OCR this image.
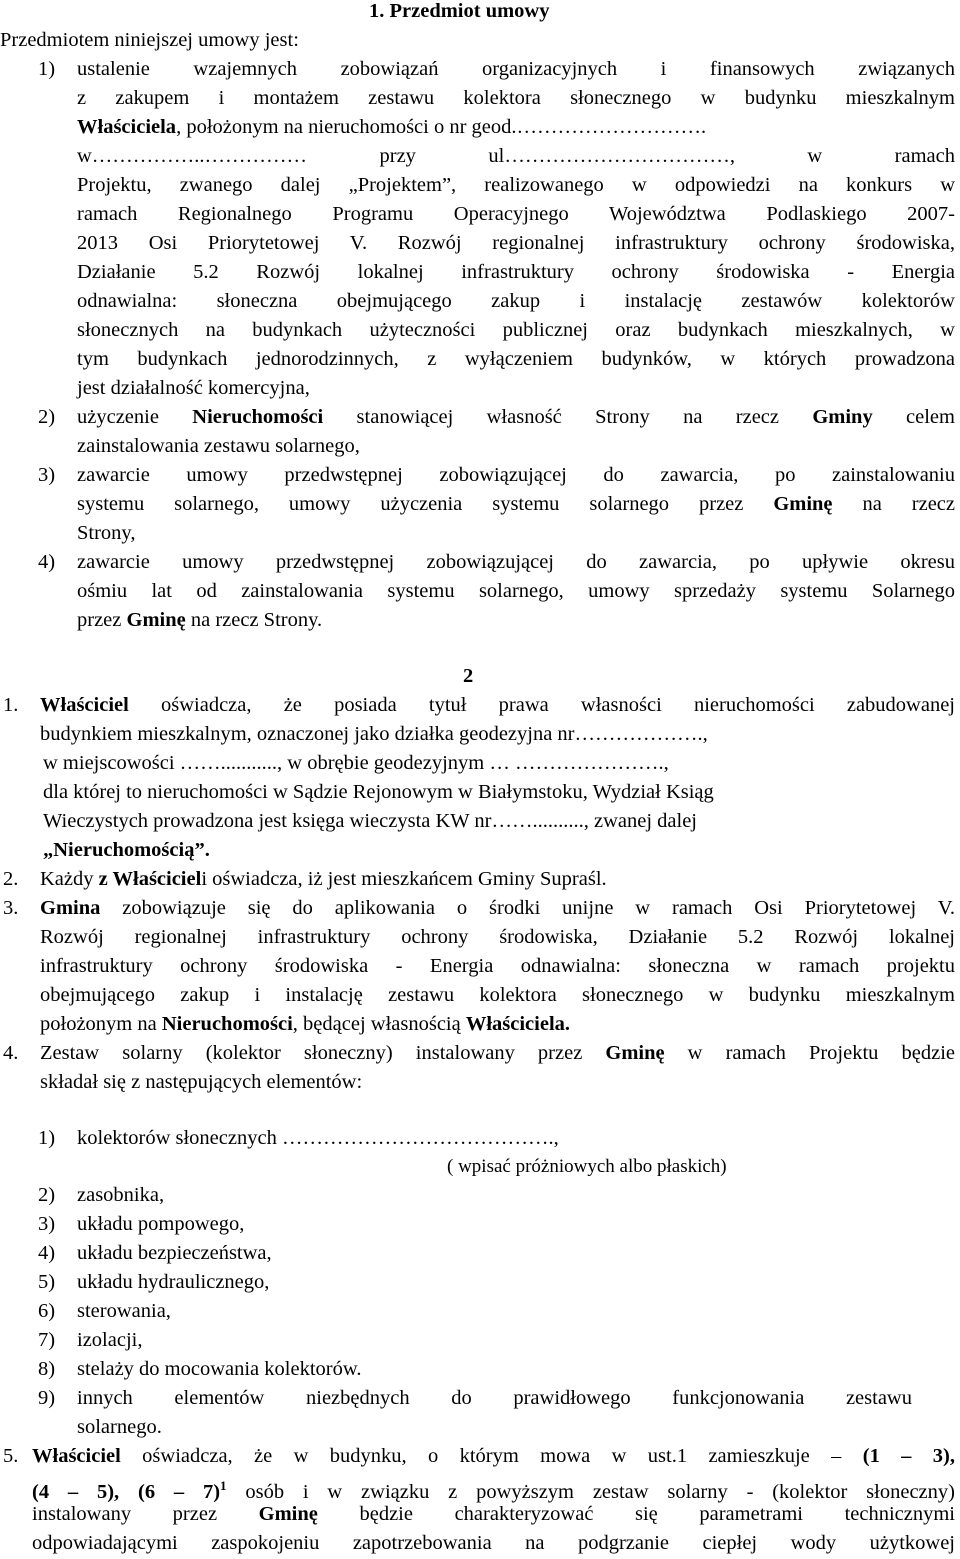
1. Przedmiot umowy
Przedmiotem niniejszej umowy jest:
1) ustalenie wzajemnych zobowiązań organizacyjnych i finansowych związanych
z zakupem i montażem zestawu kolektora słonecznego w budynku mieszkalnym
Właściciela, położonym na nieruchomości o nr geod.……………………….
w……………..…………… przy ul……………………………, w ramach
Projektu, zwanego dalej „Projektem”, realizowanego w odpowiedzi na konkurs w
ramach Regionalnego Programu Operacyjnego Województwa Podlaskiego 2007-
2013 Osi Priorytetowej V. Rozwój regionalnej infrastruktury ochrony środowiska,
Działanie 5.2 Rozwój lokalnej infrastruktury ochrony środowiska - Energia
odnawialna: słoneczna obejmującego zakup i instalację zestawów kolektorów
słonecznych na budynkach użyteczności publicznej oraz budynkach mieszkalnych, w
tym budynkach jednorodzinnych, z wyłączeniem budynków, w których prowadzona
jest działalność komercyjna,
2) użyczenie Nieruchomości stanowiącej własność Strony na rzecz Gminy celem
zainstalowania zestawu solarnego,
3) zawarcie umowy przedwstępnej zobowiązującej do zawarcia, po zainstalowaniu
systemu solarnego, umowy użyczenia systemu solarnego przez Gminę na rzecz
Strony,
4) zawarcie umowy przedwstępnej zobowiązującej do zawarcia, po upływie okresu
ośmiu lat od zainstalowania systemu solarnego, umowy sprzedaży systemu Solarnego
przez Gminę na rzecz Strony.
2
1. Właściciel oświadcza, że posiada tytuł prawa własności nieruchomości zabudowanej
budynkiem mieszkalnym, oznaczonej jako działka geodezyjna nr……………….,
w miejscowości ……..........., w obrębie geodezyjnym … ………………….,
dla której to nieruchomości w Sądzie Rejonowym w Białymstoku, Wydział Ksiąg
Wieczystych prowadzona jest księga wieczysta KW nr…….........., zwanej dalej
„Nieruchomością”.
2. Każdy z Właścicieli oświadcza, iż jest mieszkańcem Gminy Supraśl.
3. Gmina zobowiązuje się do aplikowania o środki unijne w ramach Osi Priorytetowej V.
Rozwój regionalnej infrastruktury ochrony środowiska, Działanie 5.2 Rozwój lokalnej
infrastruktury ochrony środowiska - Energia odnawialna: słoneczna w ramach projektu
obejmującego zakup i instalację zestawu kolektora słonecznego w budynku mieszkalnym
położonym na Nieruchomości, będącej własnością Właściciela.
4. Zestaw solarny (kolektor słoneczny) instalowany przez Gminę w ramach Projektu będzie
składał się z następujących elementów:
1) kolektorów słonecznych ………………………………….,
( wpisać próżniowych albo płaskich)
2) zasobnika,
3) układu pompowego,
4) układu bezpieczeństwa,
5) układu hydraulicznego,
6) sterowania,
7) izolacji,
8) stelaży do mocowania kolektorów.
9) innych elementów niezbędnych do prawidłowego funkcjonowania zestawu
solarnego.
5. Właściciel oświadcza, że w budynku, o którym mowa w ust.1 zamieszkuje – (1 – 3),
(4 – 5), (6 – 7)$^1$ osób i w związku z powyższym zestaw solarny - (kolektor słoneczny)
instalowany przez Gminę będzie charakteryzować się parametrami technicznymi
odpowiadającymi zaspokojeniu zapotrzebowania na podgrzanie ciepłej wody użytkowej
